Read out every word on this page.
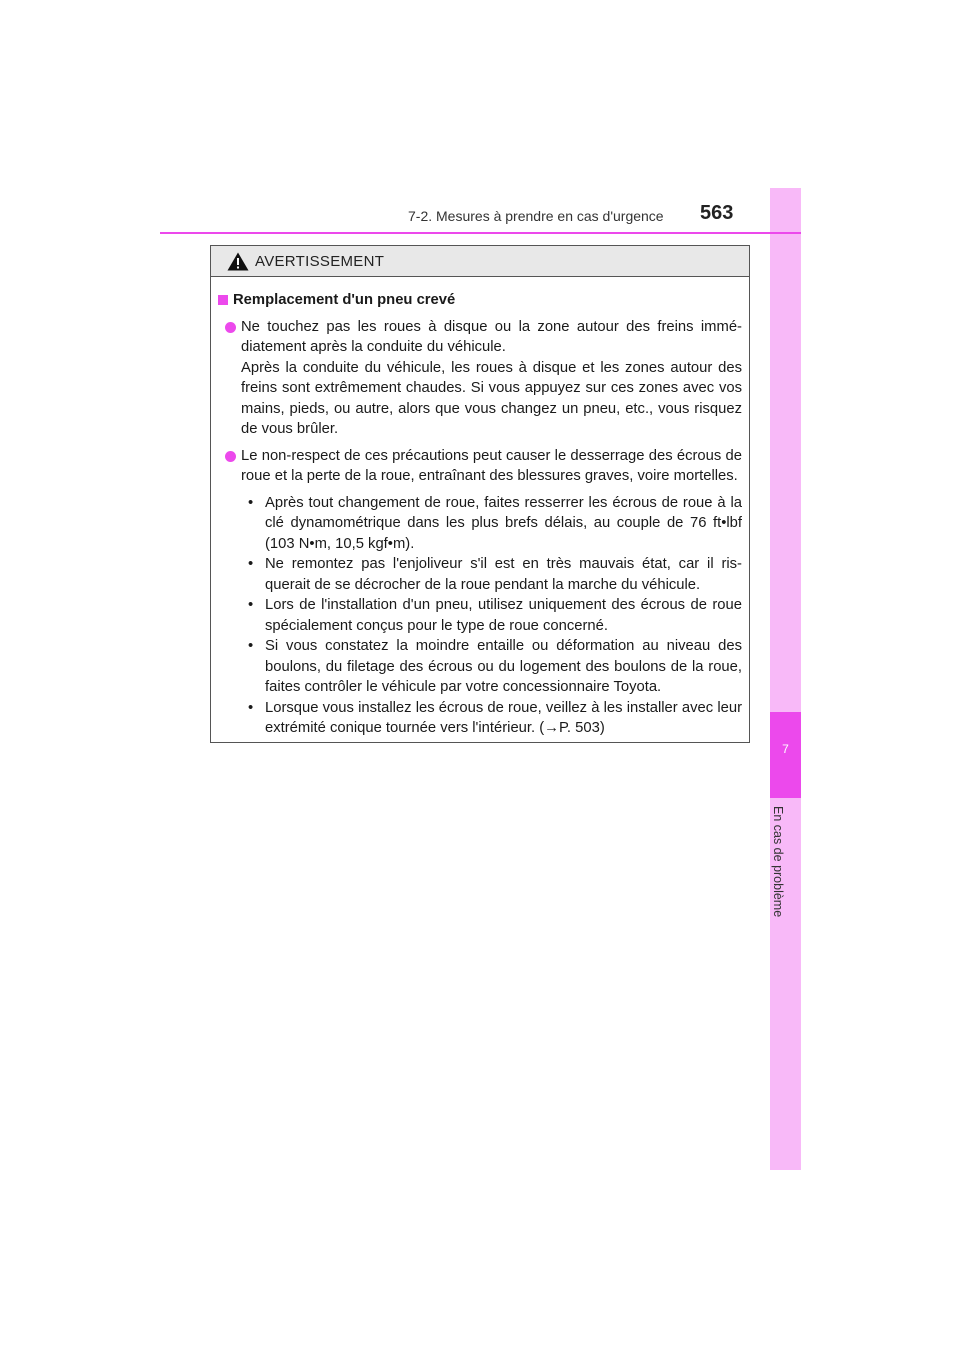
7
En cas de problème
7-2. Mesures à prendre en cas d'urgence 563
AVERTISSEMENT
Remplacement d'un pneu crevé
Ne touchez pas les roues à disque ou la zone autour des freins immé-diatement après la conduite du véhicule.
Après la conduite du véhicule, les roues à disque et les zones autour des freins sont extrêmement chaudes. Si vous appuyez sur ces zones avec vos mains, pieds, ou autre, alors que vous changez un pneu, etc., vous risquez de vous brûler.
Le non-respect de ces précautions peut causer le desserrage des écrous de roue et la perte de la roue, entraînant des blessures graves, voire mortelles.
• Après tout changement de roue, faites resserrer les écrous de roue à la clé dynamométrique dans les plus brefs délais, au couple de 76 ft•lbf (103 N•m, 10,5 kgf•m).
• Ne remontez pas l'enjoliveur s'il est en très mauvais état, car il ris-querait de se décrocher de la roue pendant la marche du véhicule.
• Lors de l'installation d'un pneu, utilisez uniquement des écrous de roue spécialement conçus pour le type de roue concerné.
• Si vous constatez la moindre entaille ou déformation au niveau des boulons, du filetage des écrous ou du logement des boulons de la roue, faites contrôler le véhicule par votre concessionnaire Toyota.
• Lorsque vous installez les écrous de roue, veillez à les installer avec leur extrémité conique tournée vers l'intérieur. (→P. 503)
